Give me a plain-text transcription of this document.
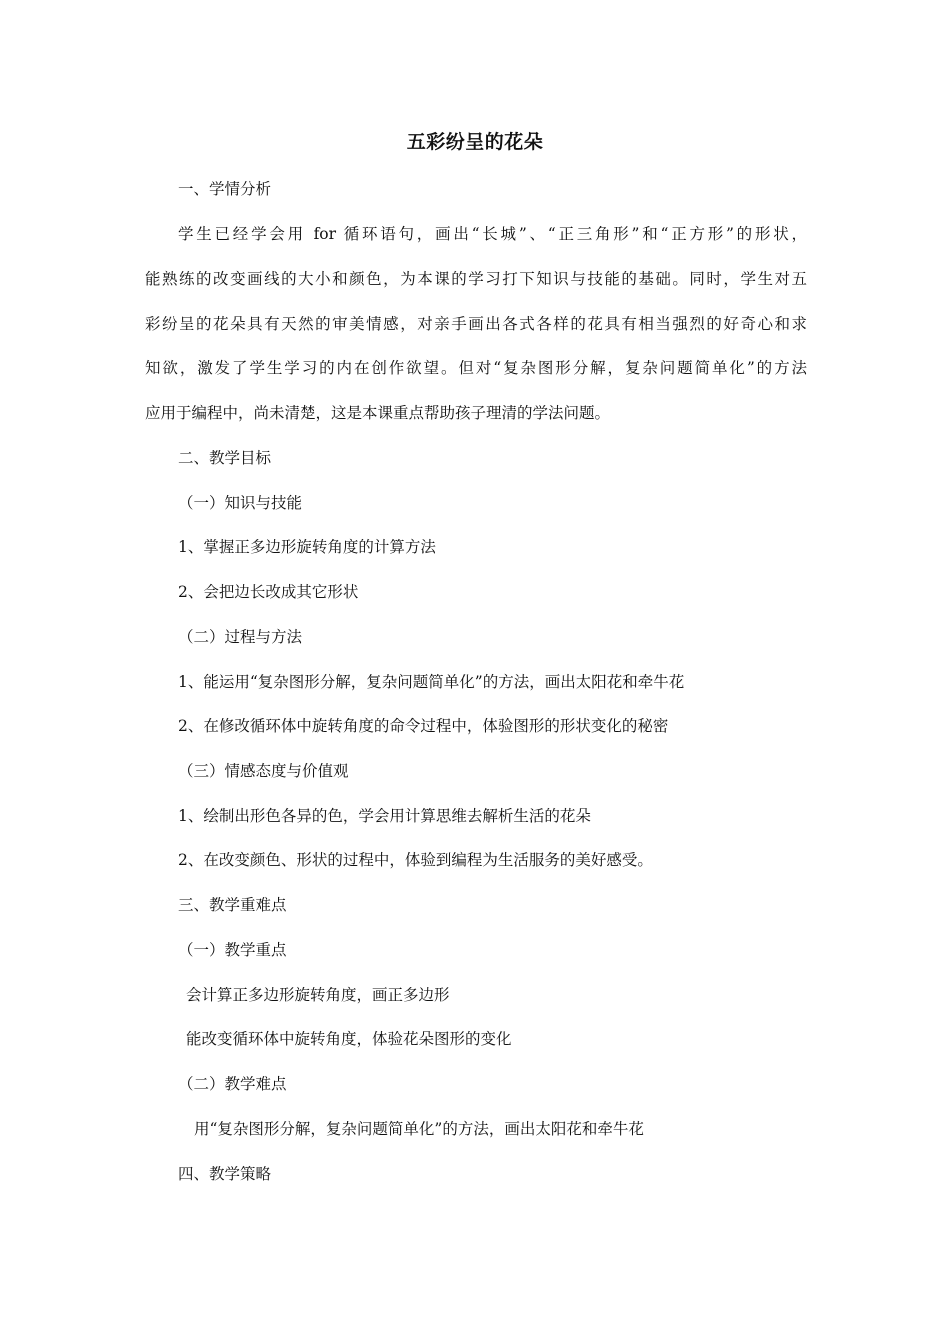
五彩纷呈的花朵

一、学情分析

学生已经学会用 for 循环语句，画出“长城”、“正三角形”和“正方形”的形状，

能熟练的改变画线的大小和颜色，为本课的学习打下知识与技能的基础。同时，学生对五

彩纷呈的花朵具有天然的审美情感，对亲手画出各式各样的花具有相当强烈的好奇心和求

知欲，激发了学生学习的内在创作欲望。但对“复杂图形分解，复杂问题简单化”的方法

应用于编程中，尚未清楚，这是本课重点帮助孩子理清的学法问题。

二、教学目标

（一）知识与技能

1、掌握正多边形旋转角度的计算方法

2、会把边长改成其它形状

（二）过程与方法

1、能运用“复杂图形分解，复杂问题简单化”的方法，画出太阳花和牵牛花

2、在修改循环体中旋转角度的命令过程中，体验图形的形状变化的秘密

（三）情感态度与价值观

1、绘制出形色各异的色，学会用计算思维去解析生活的花朵

2、在改变颜色、形状的过程中，体验到编程为生活服务的美好感受。

三、教学重难点

（一）教学重点

会计算正多边形旋转角度，画正多边形

能改变循环体中旋转角度，体验花朵图形的变化

（二）教学难点

用“复杂图形分解，复杂问题简单化”的方法，画出太阳花和牵牛花

四、教学策略
